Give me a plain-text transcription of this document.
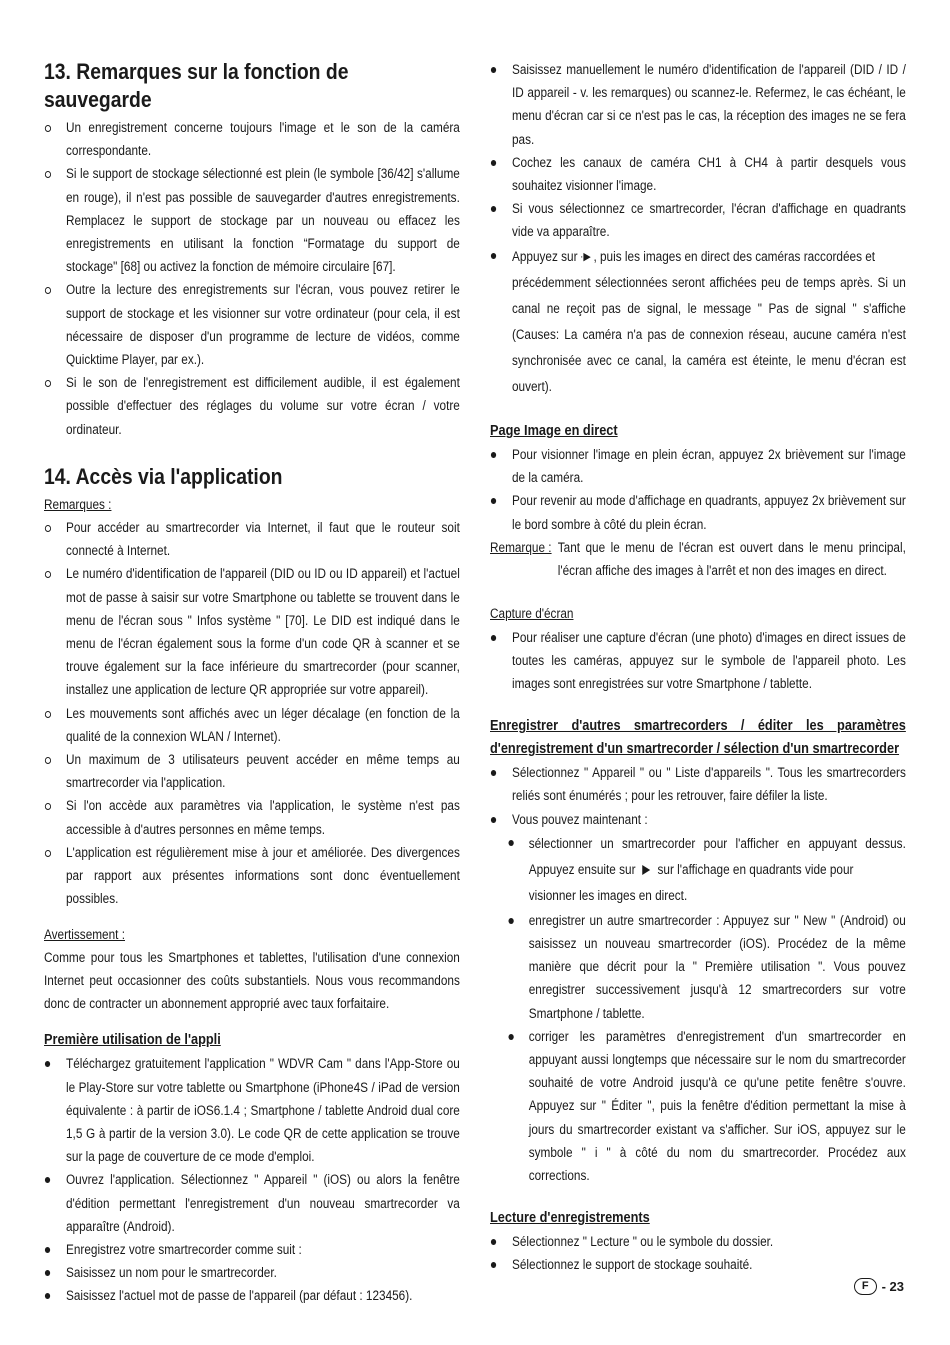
13. Remarques sur la fonction de sauvegarde
Un enregistrement concerne toujours l'image et le son de la caméra correspondante.
Si le support de stockage sélectionné est plein (le symbole [36/42] s'allume en rouge), il n'est pas possible de sauvegarder d'autres enregistrements. Remplacez le support de stockage par un nouveau ou effacez les enregistrements en utilisant la fonction “Formatage du support de stockage" [68] ou activez la fonction de mémoire circulaire [67].
Outre la lecture des enregistrements sur l'écran, vous pouvez retirer le support de stockage et les visionner sur votre ordinateur (pour cela, il est nécessaire de disposer d'un programme de lecture de vidéos, comme Quicktime Player, par ex.).
Si le son de l'enregistrement est difficilement audible, il est également possible d'effectuer des réglages du volume sur votre écran / votre ordinateur.
14. Accès via l'application

Remarques :

Pour accéder au smartrecorder via Internet, il faut que le routeur soit connecté à Internet.
Le numéro d'identification de l'appareil (DID ou ID ou ID appareil) et l'actuel mot de passe à saisir sur votre Smartphone ou tablette se trouvent dans le menu de l'écran sous " Infos système " [70]. Le DID est indiqué dans le menu de l'écran également sous la forme d'un code QR à scanner et se trouve également sur la face inférieure du smartrecorder (pour scanner, installez une application de lecture QR appropriée sur votre appareil).
Les mouvements sont affichés avec un léger décalage (en fonction de la qualité de la connexion WLAN / Internet).
Un maximum de 3 utilisateurs peuvent accéder en même temps au smartrecorder via l'application.
Si l'on accède aux paramètres via l'application, le système n'est pas accessible à d'autres personnes en même temps.
L'application est régulièrement mise à jour et améliorée. Des divergences par rapport aux présentes informations sont donc éventuellement possibles.

Avertissement :

Comme pour tous les Smartphones et tablettes, l'utilisation d'une connexion Internet peut occasionner des coûts substantiels. Nous vous recommandons donc de contracter un abonnement approprié avec taux forfaitaire.

Première utilisation de l'appli
Téléchargez gratuitement l'application " WDVR Cam " dans l'App-Store ou le Play-Store sur votre tablette ou Smartphone (iPhone4S / iPad de version équivalente : à partir de iOS6.1.4 ; Smartphone / tablette Android dual core 1,5 G à partir de la version 3.0). Le code QR de cette application se trouve sur la page de couverture de ce mode d'emploi.
Ouvrez l'application. Sélectionnez " Appareil " (iOS) ou alors la fenêtre d'édition permettant l'enregistrement d'un nouveau smartrecorder va apparaître (Android).
Enregistrez votre smartrecorder comme suit :
Saisissez un nom pour le smartrecorder.
Saisissez l'actuel mot de passe de l'appareil (par défaut : 123456).
Saisissez manuellement le numéro d'identification de l'appareil (DID / ID / ID appareil - v. les remarques) ou scannez-le. Refermez, le cas échéant, le menu d'écran car si ce n'est pas le cas, la réception des images ne se fera pas.
Cochez les canaux de caméra CH1 à CH4 à partir desquels vous souhaitez visionner l'image.
Si vous sélectionnez ce smartrecorder, l'écran d'affichage en quadrants vide va apparaître.
Appuyez sur ·▶ , puis les images en direct des caméras raccordées et
précédemment sélectionnées seront affichées peu de temps après. Si un canal ne reçoit pas de signal, le message " Pas de signal " s'affiche (Causes: La caméra n'a pas de connexion réseau, aucune caméra n'est synchronisée avec ce canal, la caméra est éteinte, le menu d'écran est ouvert).
Page Image en direct
Pour visionner l'image en plein écran, appuyez 2x brièvement sur l'image de la caméra.
Pour revenir au mode d'affichage en quadrants, appuyez 2x brièvement sur le bord sombre à côté du plein écran.
Remarque : Tant que le menu de l'écran est ouvert dans le menu principal, l'écran affiche des images à l'arrêt et non des images en direct.

Capture d'écran

Pour réaliser une capture d'écran (une photo) d'images en direct issues de toutes les caméras, appuyez sur le symbole de l'appareil photo. Les images sont enregistrées sur votre Smartphone / tablette.
Enregistrer d'autres smartrecorders / éditer les paramètres d'enregistrement d'un smartrecorder / sélection d'un smartrecorder
Sélectionnez " Appareil " ou " Liste d'appareils ". Tous les smartrecorders reliés sont énumérés ; pour les retrouver, faire défiler la liste.
Vous pouvez maintenant :
sélectionner un smartrecorder pour l'afficher en appuyant dessus. Appuyez ensuite sur sur l'affichage en quadrants vide pour
visionner les images en direct.
enregistrer un autre smartrecorder : Appuyez sur " New " (Android) ou saisissez un nouveau smartrecorder (iOS). Procédez de la même manière que décrit pour la " Première utilisation ". Vous pouvez enregistrer successivement jusqu'à 12 smartrecorders sur votre Smartphone / tablette.
corriger les paramètres d'enregistrement d'un smartrecorder en appuyant aussi longtemps que nécessaire sur le nom du smartrecorder souhaité de votre Android jusqu'à ce qu'une petite fenêtre s'ouvre. Appuyez sur " Éditer ", puis la fenêtre d'édition permettant la mise à jours du smartrecorder existant va s'afficher. Sur iOS, appuyez sur le symbole " i " à côté du nom du smartrecorder. Procédez aux corrections.
Lecture d'enregistrements
Sélectionnez " Lecture " ou le symbole du dossier.
Sélectionnez le support de stockage souhaité.
F	- 23
